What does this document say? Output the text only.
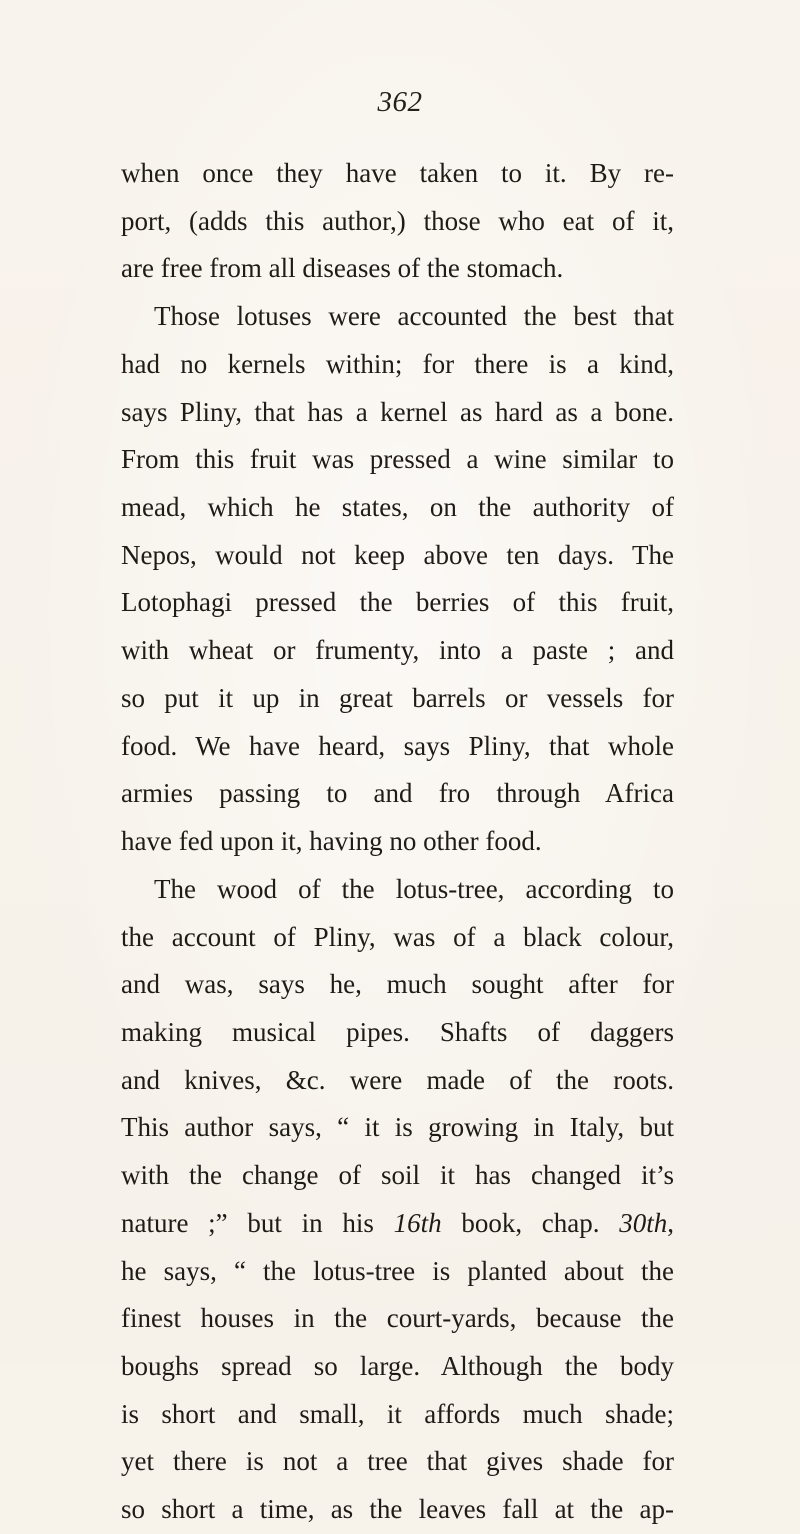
362
when once they have taken to it. By re-
port, (adds this author,) those who eat of it,
are free from all diseases of the stomach.
Those lotuses were accounted the best that
had no kernels within; for there is a kind,
says Pliny, that has a kernel as hard as a bone.
From this fruit was pressed a wine similar to
mead, which he states, on the authority of
Nepos, would not keep above ten days. The
Lotophagi pressed the berries of this fruit,
with wheat or frumenty, into a paste ; and
so put it up in great barrels or vessels for
food. We have heard, says Pliny, that whole
armies passing to and fro through Africa
have fed upon it, having no other food.
The wood of the lotus-tree, according to
the account of Pliny, was of a black colour,
and was, says he, much sought after for
making musical pipes. Shafts of daggers
and knives, &c. were made of the roots.
This author says, “ it is growing in Italy, but
with the change of soil it has changed it’s
nature ;” but in his 16th book, chap. 30th,
he says, “ the lotus-tree is planted about the
finest houses in the court-yards, because the
boughs spread so large. Although the body
is short and small, it affords much shade;
yet there is not a tree that gives shade for
so short a time, as the leaves fall at the ap-
